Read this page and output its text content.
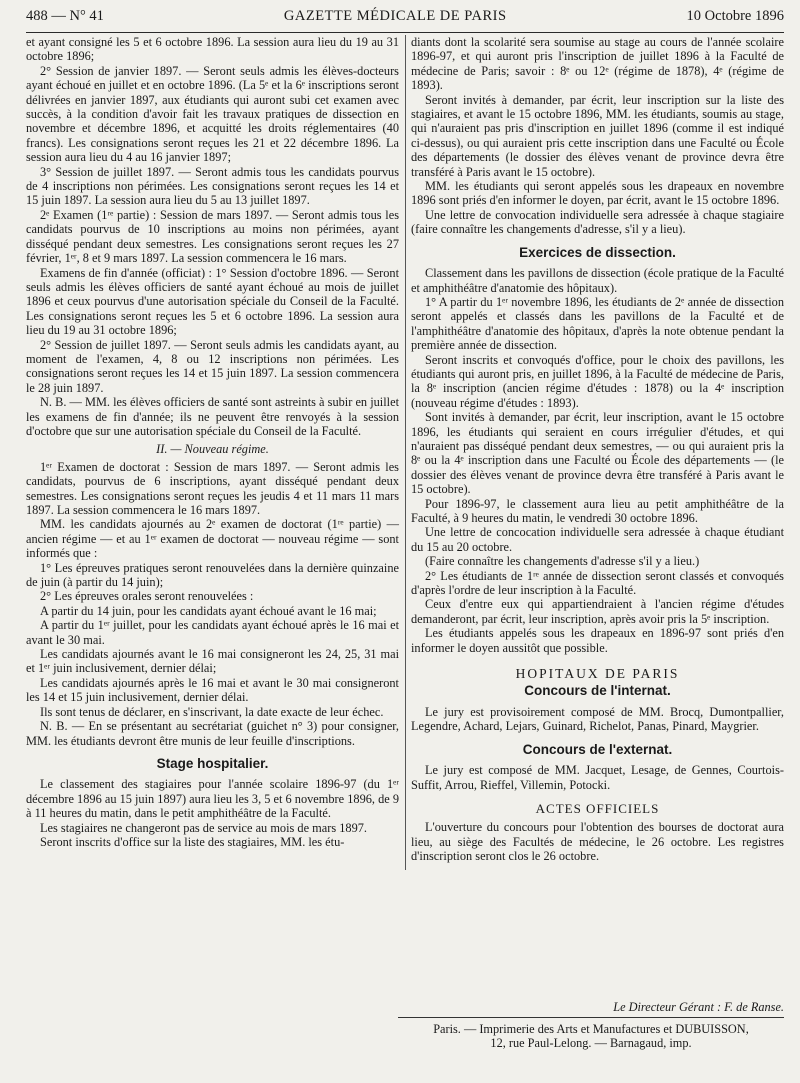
488 — N° 41	GAZETTE MÉDICALE DE PARIS	10 Octobre 1896

et ayant consigné les 5 et 6 octobre 1896. La session aura lieu du 19 au 31 octobre 1896;

2° Session de janvier 1897. — Seront seuls admis les élèves-docteurs ayant échoué en juillet et en octobre 1896. (La 5ᵉ et la 6ᵉ inscriptions seront délivrées en janvier 1897, aux étudiants qui auront subi cet examen avec succès, à la condition d'avoir fait les travaux pratiques de dissection en novembre et décembre 1896, et acquitté les droits réglementaires (40 francs). Les consignations seront reçues les 21 et 22 décembre 1896. La session aura lieu du 4 au 16 janvier 1897;

3° Session de juillet 1897. — Seront admis tous les candidats pourvus de 4 inscriptions non périmées. Les consignations seront reçues les 14 et 15 juin 1897. La session aura lieu du 5 au 13 juillet 1897.

2ᵉ Examen (1ʳᵉ partie) : Session de mars 1897. — Seront admis tous les candidats pourvus de 10 inscriptions au moins non périmées, ayant disséqué pendant deux semestres. Les consignations seront reçues les 27 février, 1ᵉʳ, 8 et 9 mars 1897. La session commencera le 16 mars.

Examens de fin d'année (officiat) : 1° Session d'octobre 1896. — Seront seuls admis les élèves officiers de santé ayant échoué au mois de juillet 1896 et ceux pourvus d'une autorisation spéciale du Conseil de la Faculté. Les consignations seront reçues les 5 et 6 octobre 1896. La session aura lieu du 19 au 31 octobre 1896;

2° Session de juillet 1897. — Seront seuls admis les candidats ayant, au moment de l'examen, 4, 8 ou 12 inscriptions non périmées. Les consignations seront reçues les 14 et 15 juin 1897. La session commencera le 28 juin 1897.

N. B. — MM. les élèves officiers de santé sont astreints à subir en juillet les examens de fin d'année; ils ne peuvent être renvoyés à la session d'octobre que sur une autorisation spéciale du Conseil de la Faculté.

II. — Nouveau régime.

1ᵉʳ Examen de doctorat : Session de mars 1897. — Seront admis les candidats, pourvus de 6 inscriptions, ayant disséqué pendant deux semestres. Les consignations seront reçues les jeudis 4 et 11 mars 11 mars 1897. La session commencera le 16 mars 1897.

MM. les candidats ajournés au 2ᵉ examen de doctorat (1ʳᵉ partie) — ancien régime — et au 1ᵉʳ examen de doctorat — nouveau régime — sont informés que :

1° Les épreuves pratiques seront renouvelées dans la dernière quinzaine de juin (à partir du 14 juin);

2° Les épreuves orales seront renouvelées :

A partir du 14 juin, pour les candidats ayant échoué avant le 16 mai;

A partir du 1ᵉʳ juillet, pour les candidats ayant échoué après le 16 mai et avant le 30 mai.

Les candidats ajournés avant le 16 mai consigneront les 24, 25, 31 mai et 1ᵉʳ juin inclusivement, dernier délai;

Les candidats ajournés après le 16 mai et avant le 30 mai consigneront les 14 et 15 juin inclusivement, dernier délai.

Ils sont tenus de déclarer, en s'inscrivant, la date exacte de leur échec.

N. B. — En se présentant au secrétariat (guichet n° 3) pour consigner, MM. les étudiants devront être munis de leur feuille d'inscriptions.

Stage hospitalier.

Le classement des stagiaires pour l'année scolaire 1896-97 (du 1ᵉʳ décembre 1896 au 15 juin 1897) aura lieu les 3, 5 et 6 novembre 1896, de 9 à 11 heures du matin, dans le petit amphithéâtre de la Faculté.

Les stagiaires ne changeront pas de service au mois de mars 1897.

Seront inscrits d'office sur la liste des stagiaires, MM. les étu-

diants dont la scolarité sera soumise au stage au cours de l'année scolaire 1896-97, et qui auront pris l'inscription de juillet 1896 à la Faculté de médecine de Paris; savoir : 8ᵉ ou 12ᵉ (régime de 1878), 4ᵉ (régime de 1893).

Seront invités à demander, par écrit, leur inscription sur la liste des stagiaires, et avant le 15 octobre 1896, MM. les étudiants, soumis au stage, qui n'auraient pas pris d'inscription en juillet 1896 (comme il est indiqué ci-dessus), ou qui auraient pris cette inscription dans une Faculté ou École des départements (le dossier des élèves venant de province devra être transféré à Paris avant le 15 octobre).

MM. les étudiants qui seront appelés sous les drapeaux en novembre 1896 sont priés d'en informer le doyen, par écrit, avant le 15 octobre 1896.

Une lettre de convocation individuelle sera adressée à chaque stagiaire (faire connaître les changements d'adresse, s'il y a lieu).

Exercices de dissection.

Classement dans les pavillons de dissection (école pratique de la Faculté et amphithéâtre d'anatomie des hôpitaux).

1° A partir du 1ᵉʳ novembre 1896, les étudiants de 2ᵉ année de dissection seront appelés et classés dans les pavillons de la Faculté et de l'amphithéâtre d'anatomie des hôpitaux, d'après la note obtenue pendant la première année de dissection.

Seront inscrits et convoqués d'office, pour le choix des pavillons, les étudiants qui auront pris, en juillet 1896, à la Faculté de médecine de Paris, la 8ᵉ inscription (ancien régime d'études : 1878) ou la 4ᵉ inscription (nouveau régime d'études : 1893).

Sont invités à demander, par écrit, leur inscription, avant le 15 octobre 1896, les étudiants qui seraient en cours irrégulier d'études, et qui n'auraient pas disséqué pendant deux semestres, — ou qui auraient pris la 8ᵉ ou la 4ᵉ inscription dans une Faculté ou École des départements — (le dossier des élèves venant de province devra être transféré à Paris avant le 15 octobre).

Pour 1896-97, le classement aura lieu au petit amphithéâtre de la Faculté, à 9 heures du matin, le vendredi 30 octobre 1896.

Une lettre de concocation individuelle sera adressée à chaque étudiant du 15 au 20 octobre.

(Faire connaître les changements d'adresse s'il y a lieu.)

2° Les étudiants de 1ʳᵉ année de dissection seront classés et convoqués d'après l'ordre de leur inscription à la Faculté.

Ceux d'entre eux qui appartiendraient à l'ancien régime d'études demanderont, par écrit, leur inscription, après avoir pris la 5ᵉ inscription.

Les étudiants appelés sous les drapeaux en 1896-97 sont priés d'en informer le doyen aussitôt que possible.

HOPITAUX DE PARIS
Concours de l'internat.

Le jury est provisoirement composé de MM. Brocq, Dumontpallier, Legendre, Achard, Lejars, Guinard, Richelot, Panas, Pinard, Maygrier.

Concours de l'externat.

Le jury est composé de MM. Jacquet, Lesage, de Gennes, Courtois-Suffit, Arrou, Rieffel, Villemin, Potocki.

ACTES OFFICIELS

L'ouverture du concours pour l'obtention des bourses de doctorat aura lieu, au siège des Facultés de médecine, le 26 octobre. Les registres d'inscription seront clos le 26 octobre.

Le Directeur Gérant : F. de Ranse.
Paris. — Imprimerie des Arts et Manufactures et DUBUISSON,
12, rue Paul-Lelong. — Barnagaud, imp.
